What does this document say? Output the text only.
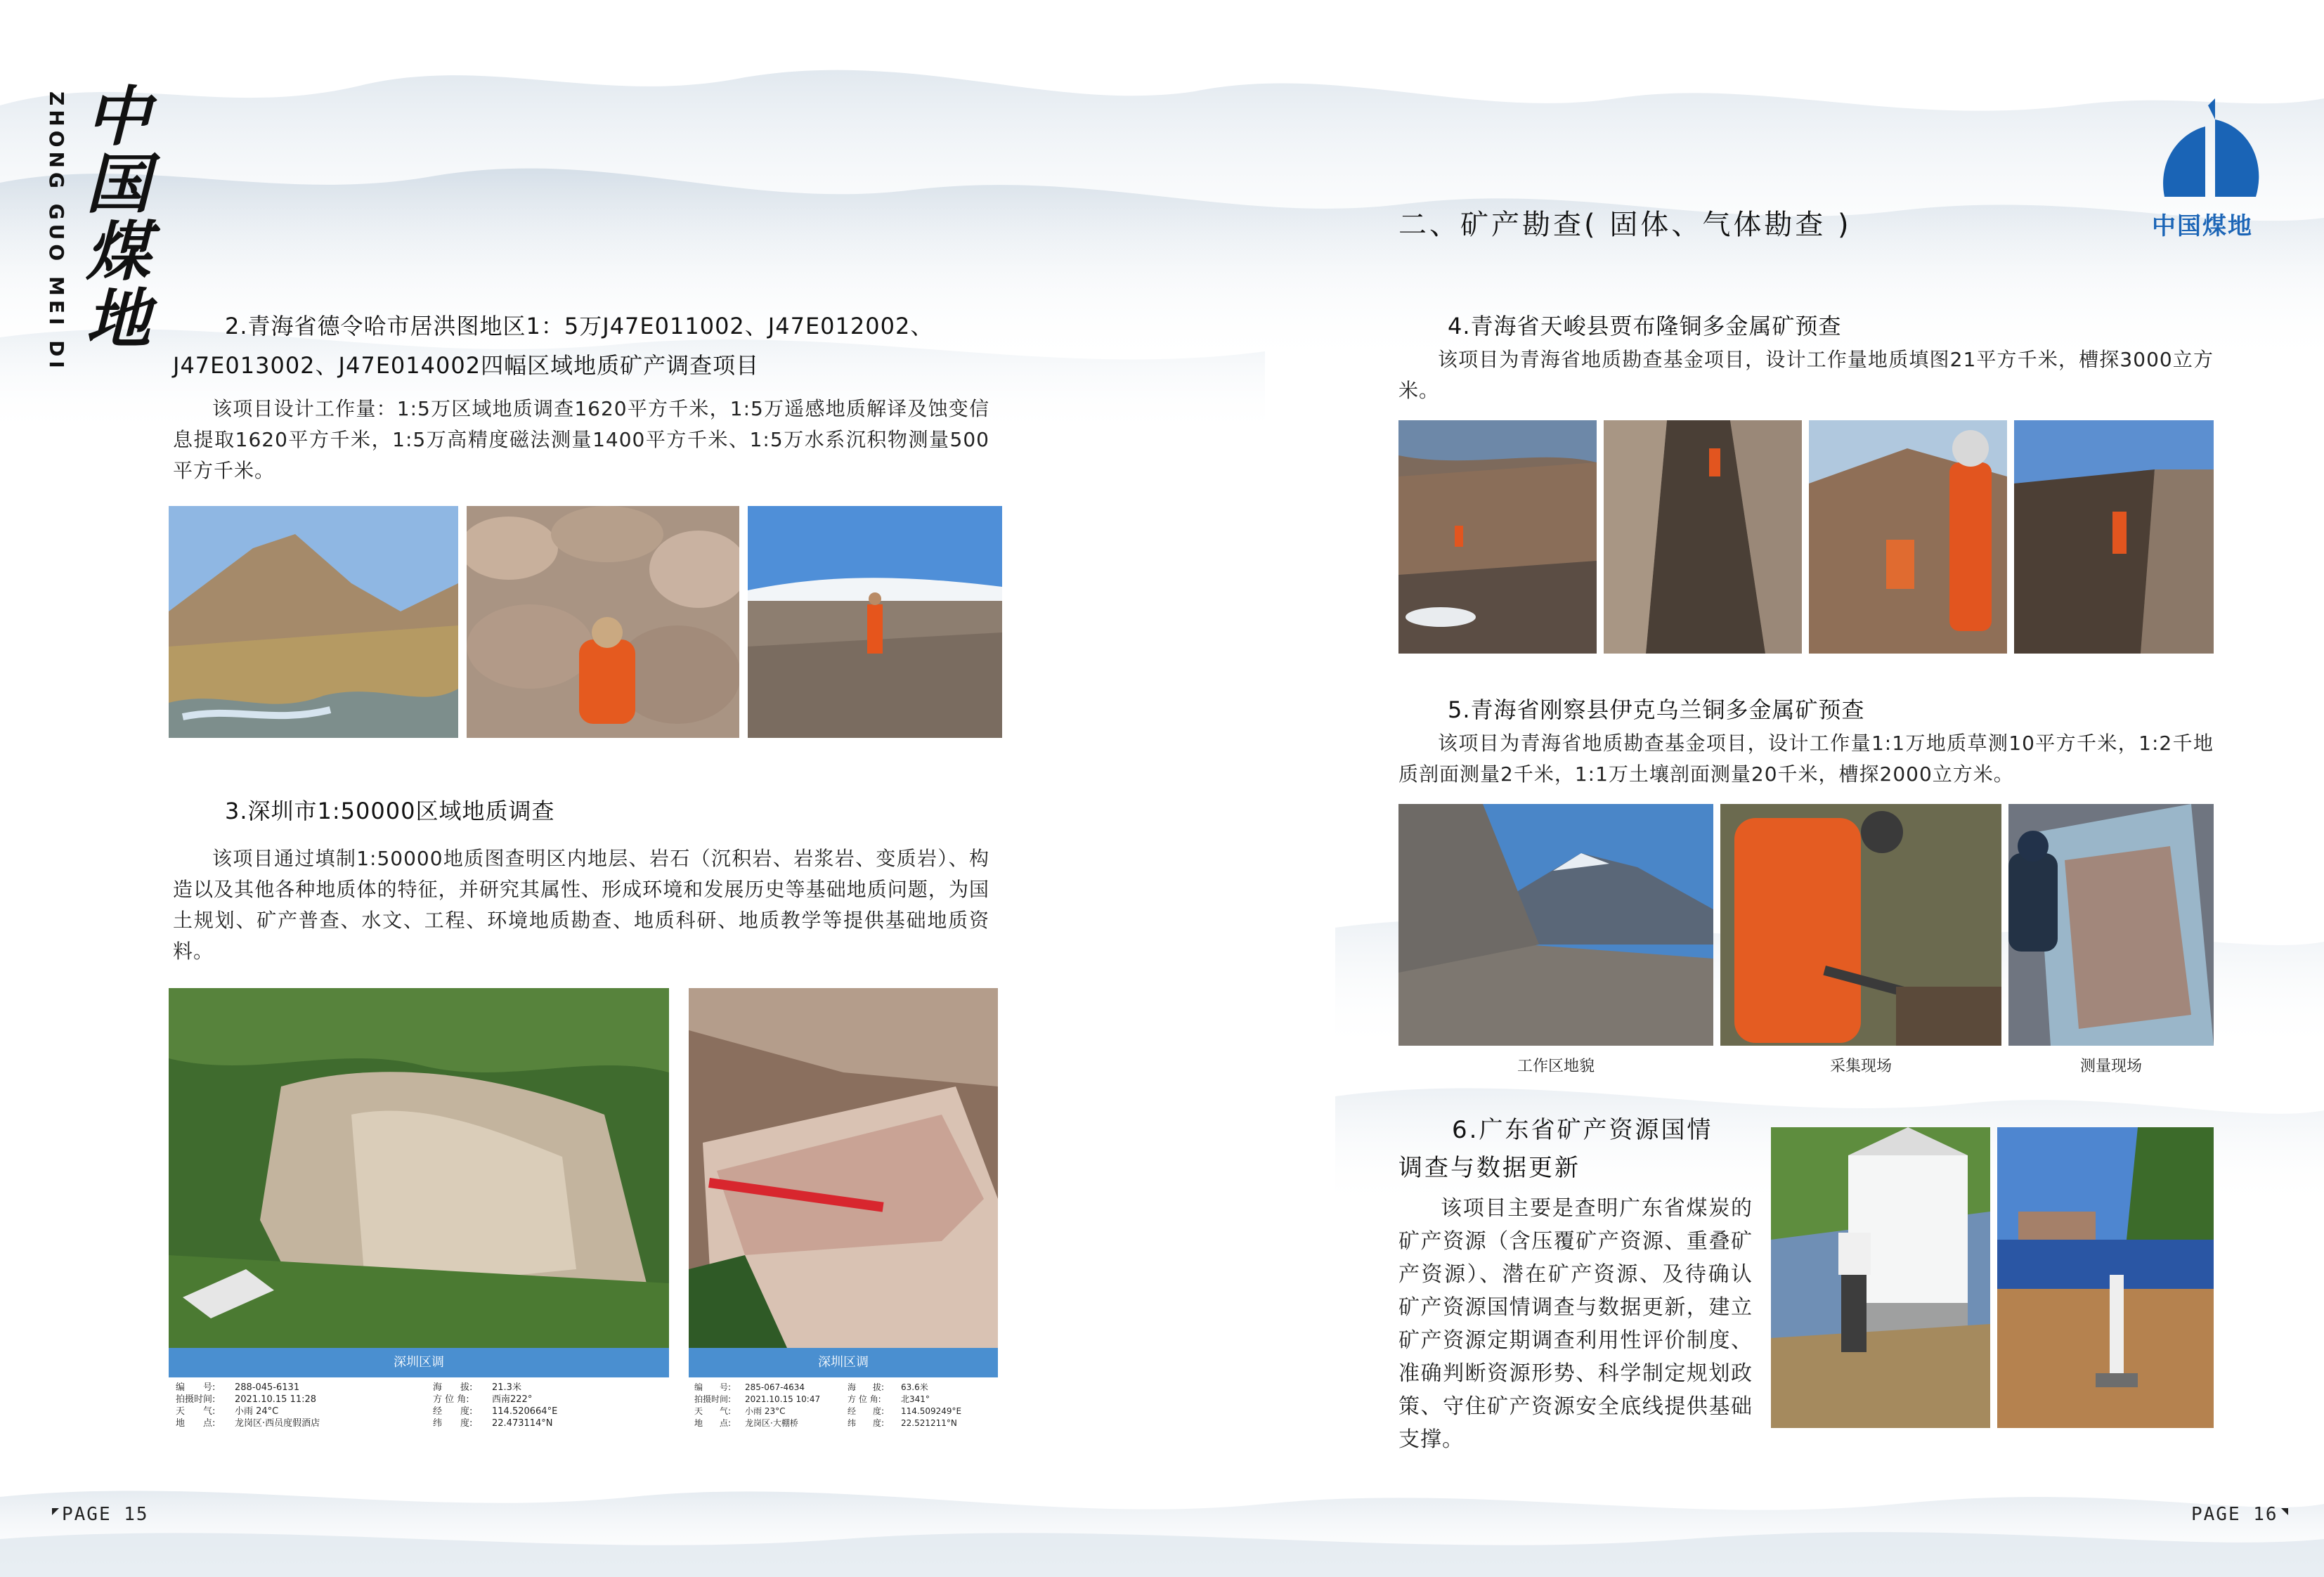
ZHONG GUO MEI DI 中
国
煤
地	2.青海省德令哈市居洪图地区1：5万J47E011002、J47E012002、
J47E013002、J47E014002四幅区域地质矿产调查项目
该项目设计工作量：1:5万区域地质调查1620平方千米，1:5万遥感地质解译及蚀变信息提取1620平方千米，1:5万高精度磁法测量1400平方千米、1:5万水系沉积物测量500平方千米。
3.深圳市1:50000区域地质调查
该项目通过填制1:50000地质图查明区内地层、岩石（沉积岩、岩浆岩、变质岩）、构造以及其他各种地质体的特征，并研究其属性、形成环境和发展历史等基础地质问题，为国土规划、矿产普查、水文、工程、环境地质勘查、地质科研、地质教学等提供基础地质资料。
深圳区调
编　　号:	288-045-6131	海　　拔:	21.3米
拍摄时间:	2021.10.15 11:28	方 位 角:	西南222°
天　　气:	小雨 24°C	经　　度:	114.520664°E
地　　点:	龙岗区·西员度假酒店	纬　　度:	22.473114°N
深圳区调
编　　号:	285-067-4634	海　　拔:	63.6米
拍摄时间:	2021.10.15 10:47	方 位 角:	北341°
天　　气:	小雨 23°C	经　　度:	114.509249°E
地　　点:	龙岗区·大棚桥	纬　　度:	22.521211°N
PAGE 15
二、矿产勘查( 固体、气体勘查 )	中国煤地
4.青海省天峻县贾布隆铜多金属矿预查
该项目为青海省地质勘查基金项目，设计工作量地质填图21平方千米，槽探3000立方米。
5.青海省刚察县伊克乌兰铜多金属矿预查
该项目为青海省地质勘查基金项目，设计工作量1:1万地质草测10平方千米，1:2千地质剖面测量2千米，1:1万土壤剖面测量20千米，槽探2000立方米。
工作区地貌	采集现场	测量现场
6.广东省矿产资源国情
调查与数据更新
该项目主要是查明广东省煤炭的矿产资源（含压覆矿产资源、重叠矿产资源）、潜在矿产资源、及待确认矿产资源国情调查与数据更新，建立矿产资源定期调查利用性评价制度、准确判断资源形势、科学制定规划政策、守住矿产资源安全底线提供基础支撑。
PAGE 16
